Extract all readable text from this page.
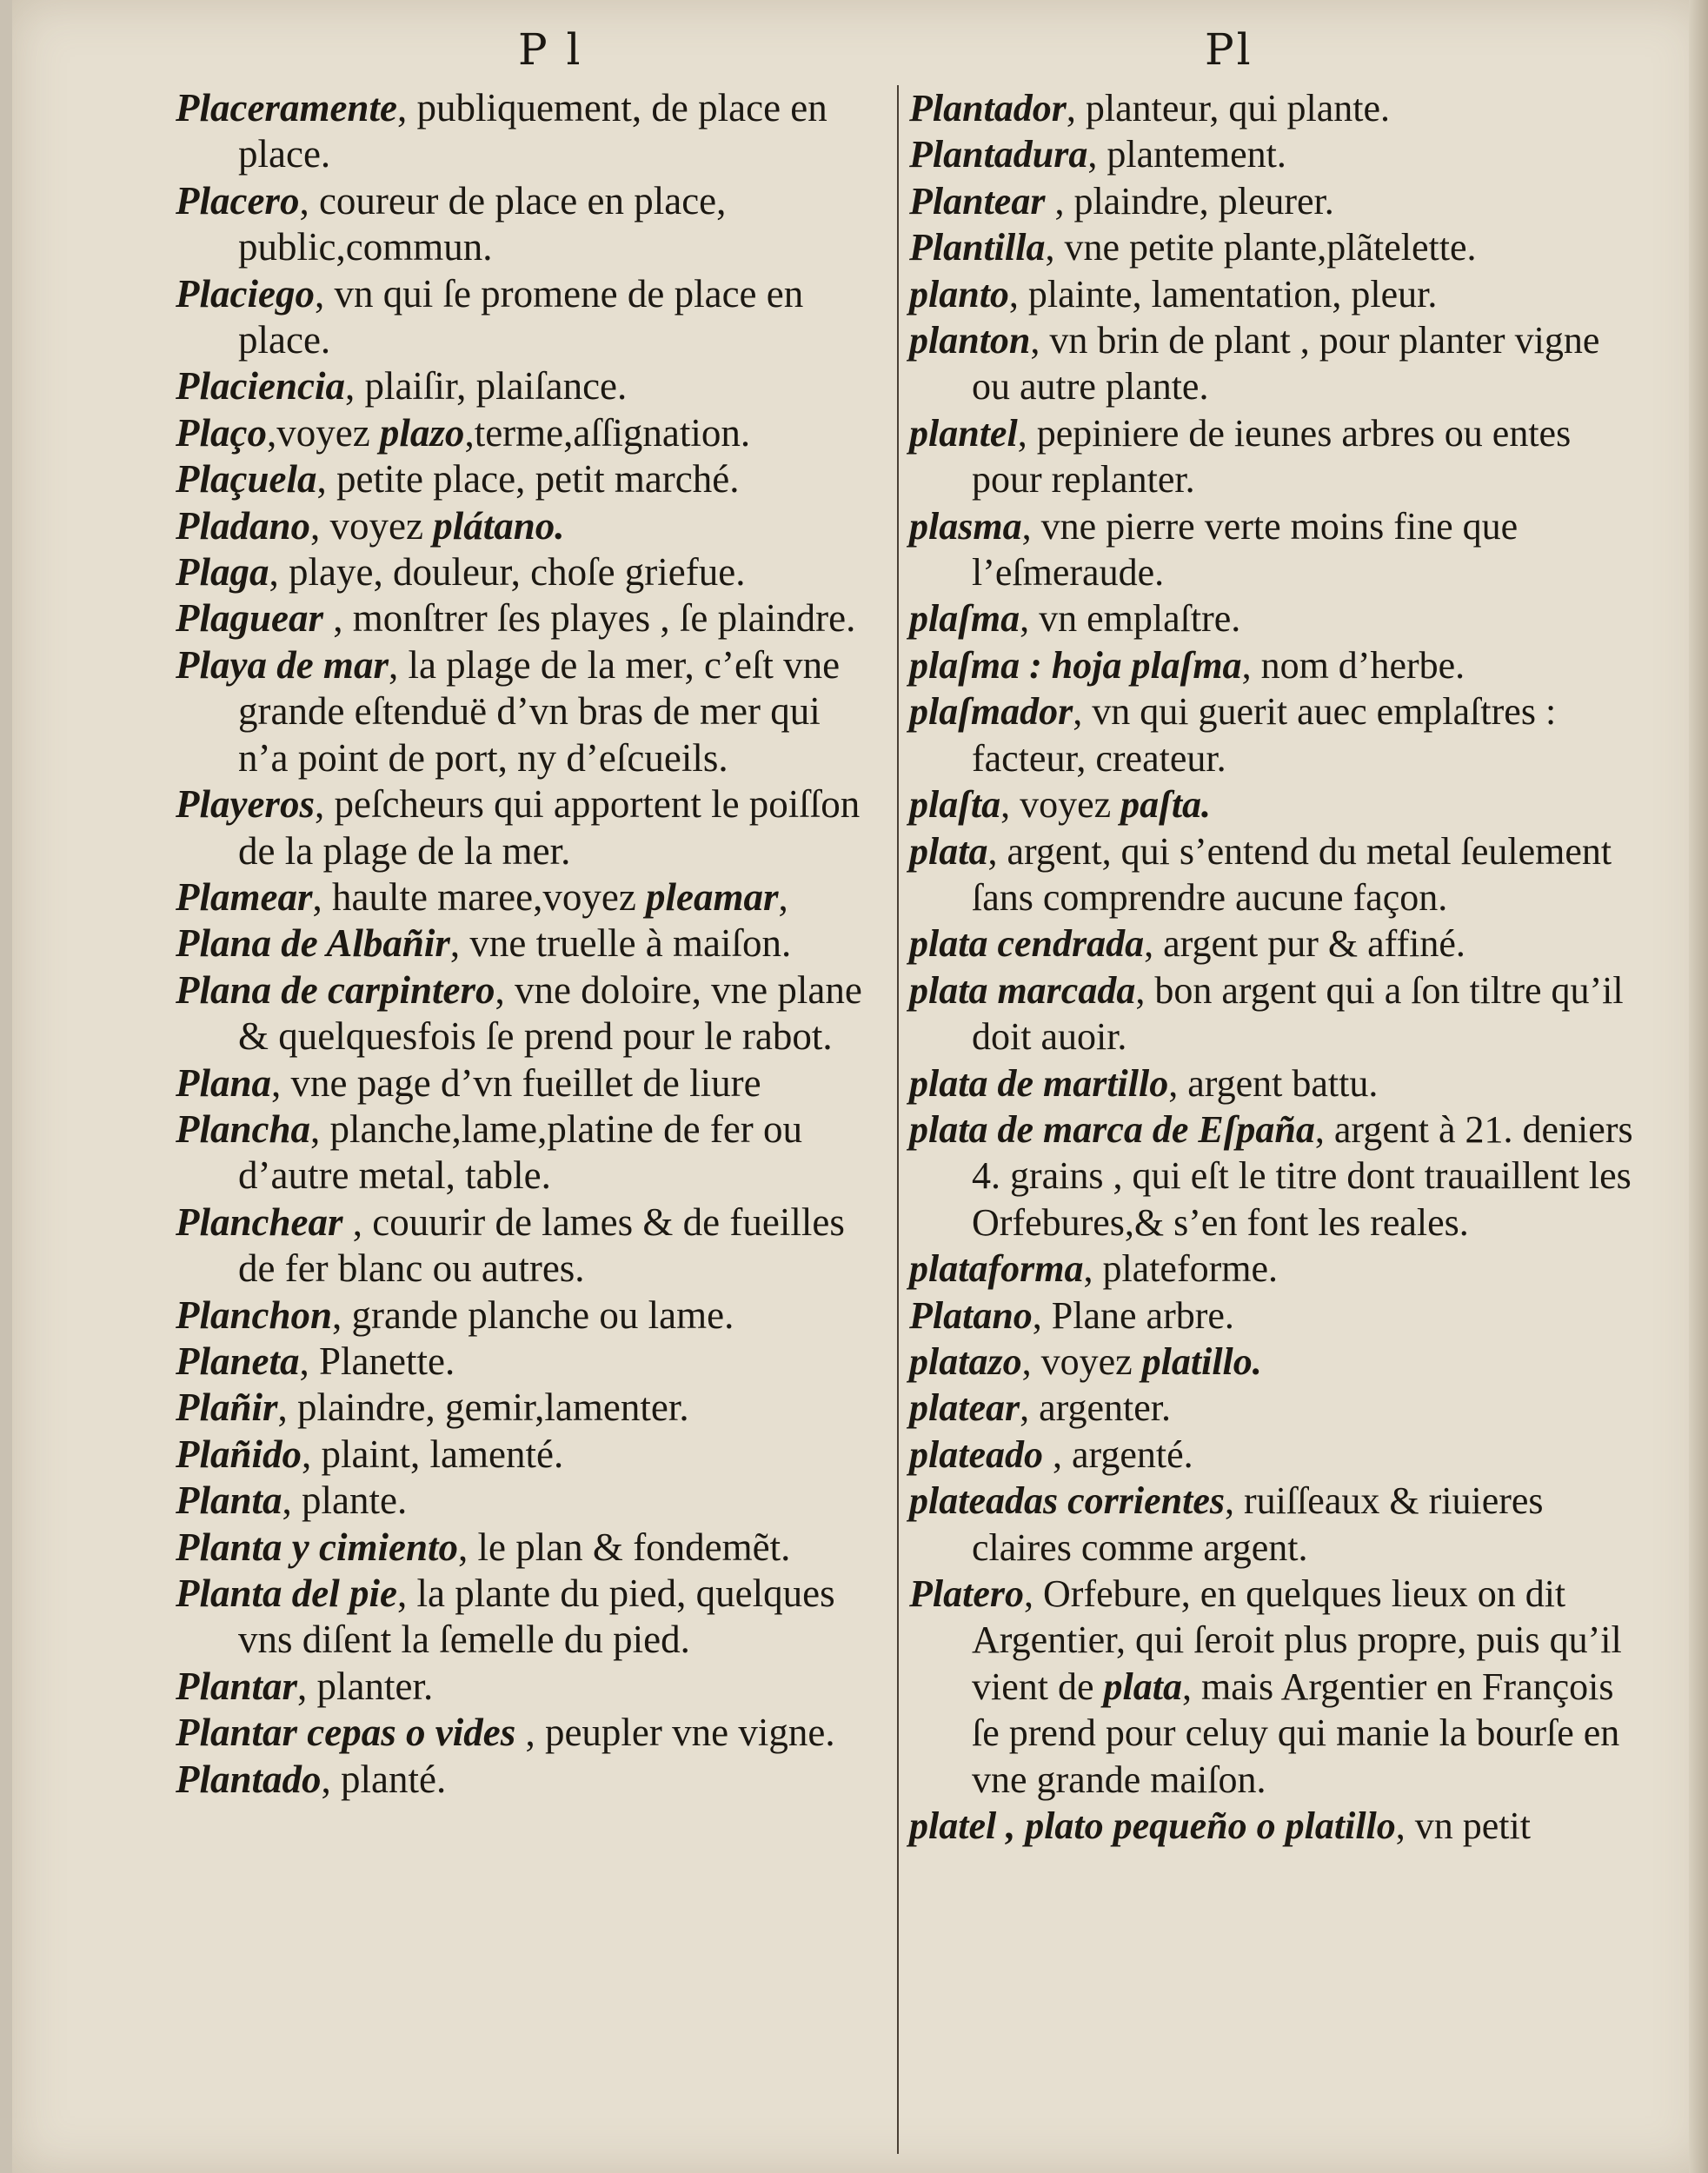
P l	Pl

Placeramente, publiquement, de place en place.

Placero, coureur de place en place, public,commun.

Placiego, vn qui ſe promene de place en place.

Placiencia, plaiſir, plaiſance.

Plaço,voyez plazo,terme,aſſignation.

Plaçuela, petite place, petit marché.

Pladano, voyez plátano.

Plaga, playe, douleur, choſe griefue.

Plaguear , monſtrer ſes playes , ſe plaindre.

Playa de mar, la plage de la mer, c’eſt vne grande eſtenduë d’vn bras de mer qui n’a point de port, ny d’eſcueils.

Playeros, peſcheurs qui apportent le poiſſon de la plage de la mer.

Plamear, haulte maree,voyez pleamar,

Plana de Albañir, vne truelle à maiſon.

Plana de carpintero, vne doloire, vne plane & quelquesfois ſe prend pour le rabot.

Plana, vne page d’vn fueillet de liure

Plancha, planche,lame,platine de fer ou d’autre metal, table.

Planchear , couurir de lames & de fueilles de fer blanc ou autres.

Planchon, grande planche ou lame.

Planeta, Planette.

Plañir, plaindre, gemir,lamenter.

Plañido, plaint, lamenté.

Planta, plante.

Planta y cimiento, le plan & fondemẽt.

Planta del pie, la plante du pied, quelques vns diſent la ſemelle du pied.

Plantar, planter.

Plantar cepas o vides , peupler vne vigne.

Plantado, planté.

Plantador, planteur, qui plante.

Plantadura, plantement.

Plantear , plaindre, pleurer.

Plantilla, vne petite plante,plãtelette.

planto, plainte, lamentation, pleur.

planton, vn brin de plant , pour planter vigne ou autre plante.

plantel, pepiniere de ieunes arbres ou entes pour replanter.

plasma, vne pierre verte moins fine que l’eſmeraude.

plaſma, vn emplaſtre.

plaſma : hoja plaſma, nom d’herbe.

plaſmador, vn qui guerit auec emplaſtres : facteur, createur.

plaſta, voyez paſta.

plata, argent, qui s’entend du metal ſeulement ſans comprendre aucune façon.

plata cendrada, argent pur & affiné.

plata marcada, bon argent qui a ſon tiltre qu’il doit auoir.

plata de martillo, argent battu.

plata de marca de Eſpaña, argent à 21. deniers 4. grains , qui eſt le titre dont trauaillent les Orfebures,& s’en font les reales.

plataforma, plateforme.

Platano, Plane arbre.

platazo, voyez platillo.

platear, argenter.

plateado , argenté.

plateadas corrientes, ruiſſeaux & riuieres claires comme argent.

Platero, Orfebure, en quelques lieux on dit Argentier, qui ſeroit plus propre, puis qu’il vient de plata, mais Argentier en François ſe prend pour celuy qui manie la bourſe en vne grande maiſon.

platel , plato pequeño o platillo, vn petit
